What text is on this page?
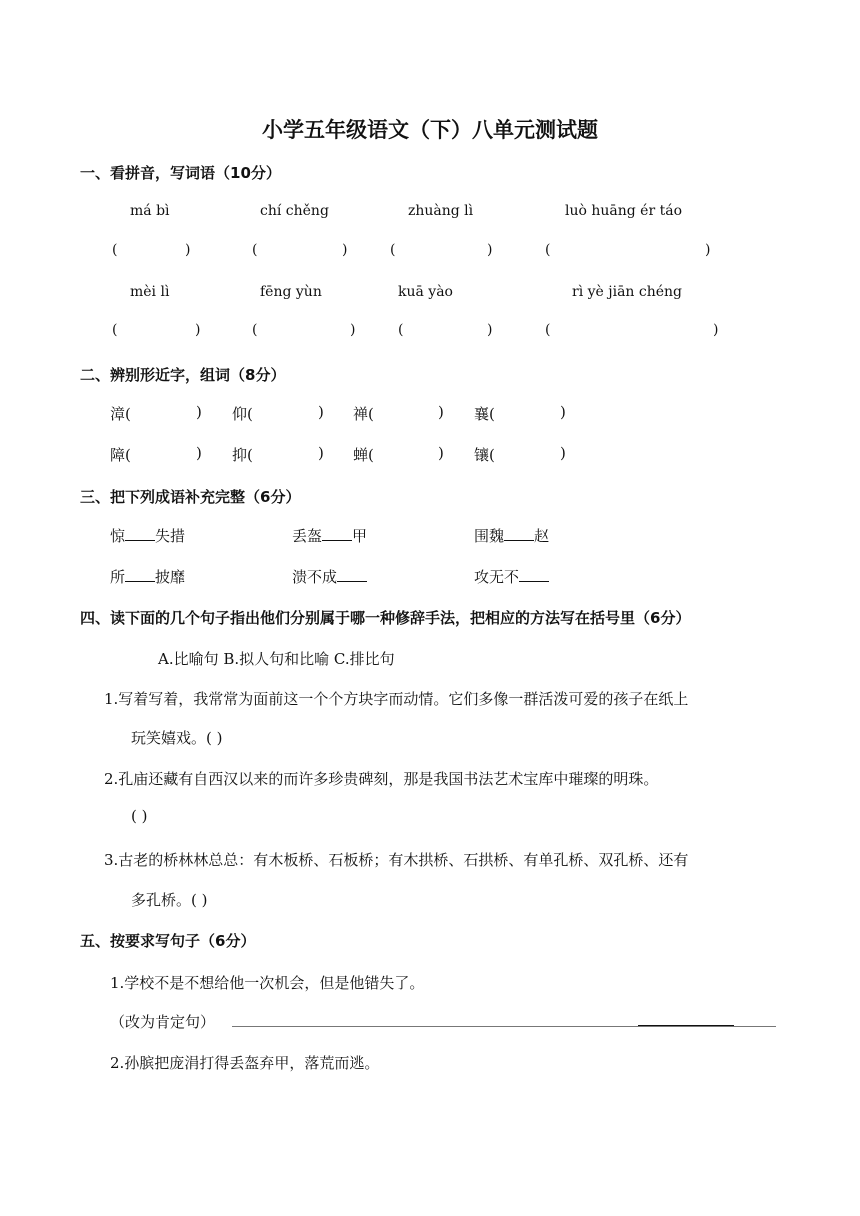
小学五年级语文（下）八单元测试题
一、看拼音，写词语（10分）
má bì	chí chěng	zhuàng lì	luò huāng ér táo
(	)	(	)	(	)	(	)
mèi lì	fēng yùn	kuā yào	rì yè jiān chéng
(	)	(	)	(	)	(	)
二、辨别形近字，组词（8分）
漳(	) 仰(	) 禅(	) 襄(	)
障(	) 抑(	) 蝉(	) 镶(	)
三、把下列成语补充完整（6分）
惊 失措	丢盔 甲	围魏 赵
所 披靡	溃不成	攻无不
四、读下面的几个句子指出他们分别属于哪一种修辞手法，把相应的方法写在括号里（6分）
A.比喻句 B.拟人句和比喻 C.排比句
1.写着写着，我常常为面前这一个个方块字而动情。它们多像一群活泼可爱的孩子在纸上
玩笑嬉戏。( )
2.孔庙还藏有自西汉以来的而许多珍贵碑刻，那是我国书法艺术宝库中璀璨的明珠。
( )
3.古老的桥林林总总：有木板桥、石板桥；有木拱桥、石拱桥、有单孔桥、双孔桥、还有
多孔桥。( )
五、按要求写句子（6分）
1.学校不是不想给他一次机会，但是他错失了。
（改为肯定句）
2.孙膑把庞涓打得丢盔弃甲，落荒而逃。
